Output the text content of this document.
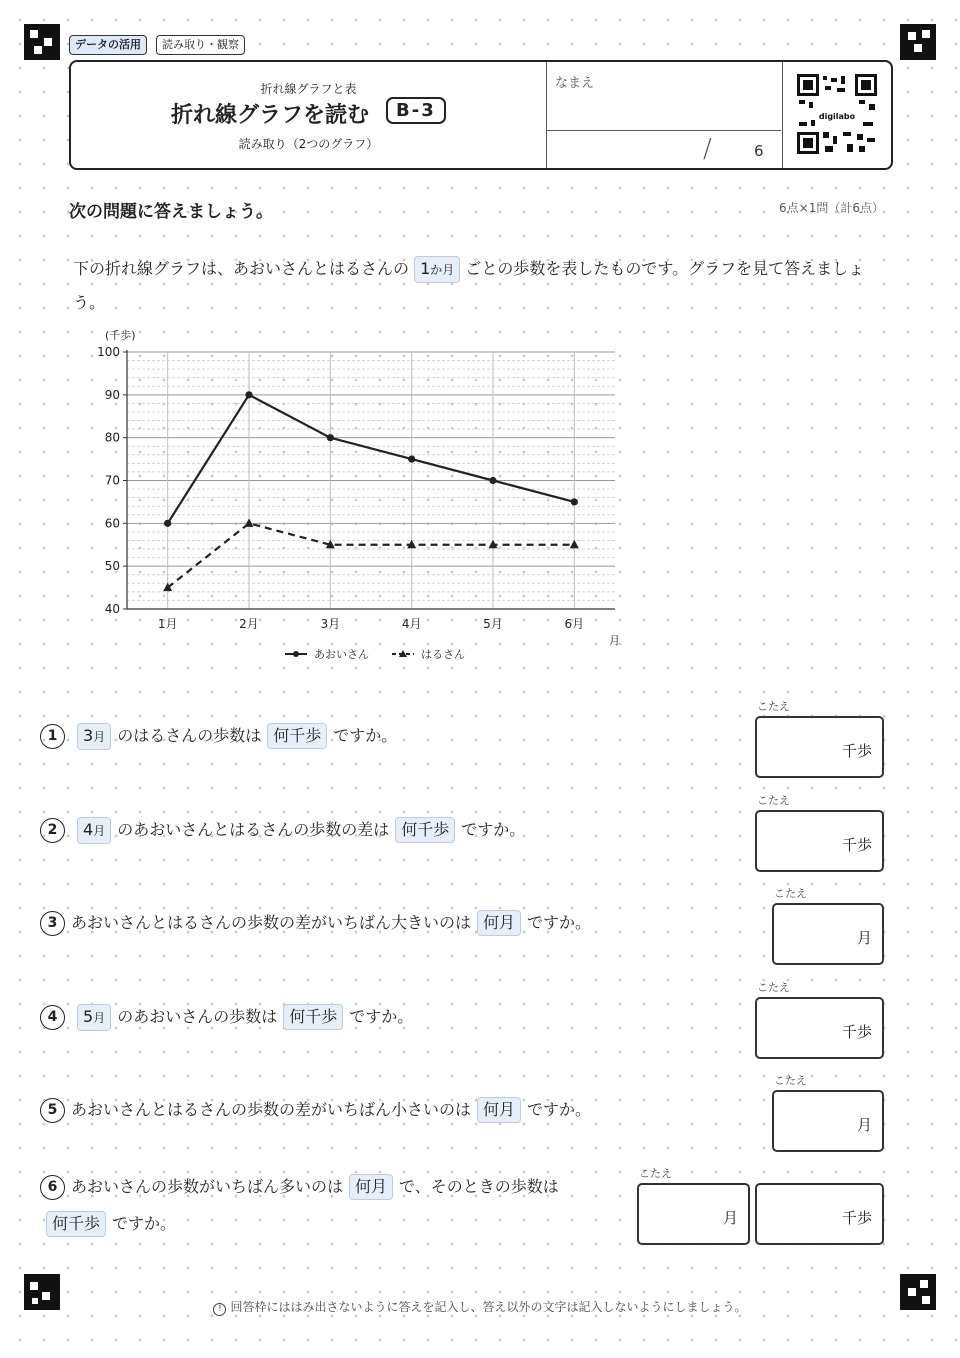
データの活用	読み取り・観察
折れ線グラフと表
折れ線グラフを読む	B-3
読み取り（2つのグラフ）
なまえ
/	6
digilabo
次の問題に答えましょう。	6点×1問（計6点）
下の折れ線グラフは、あおいさんとはるさんの 1か月 ごとの歩数を表したものです。グラフを見て答えましょう。
40
50
60
70
80
90
100
(千歩)
1月	2月	3月	4月	5月	6月
月
あおいさん	はるさん
1 3月 のはるさんの歩数は 何千歩 ですか。
こたえ
千歩
2 4月 のあおいさんとはるさんの歩数の差は 何千歩 ですか。
こたえ
千歩
3 あおいさんとはるさんの歩数の差がいちばん大きいのは 何月 ですか。
こたえ
月
4 5月 のあおいさんの歩数は 何千歩 ですか。
こたえ
千歩
5 あおいさんとはるさんの歩数の差がいちばん小さいのは 何月 ですか。
こたえ
月
6 あおいさんの歩数がいちばん多いのは 何月 で、そのときの歩数は
何千歩 ですか。
こたえ
月	千歩
! 回答枠にははみ出さないように答えを記入し、答え以外の文字は記入しないようにしましょう。
